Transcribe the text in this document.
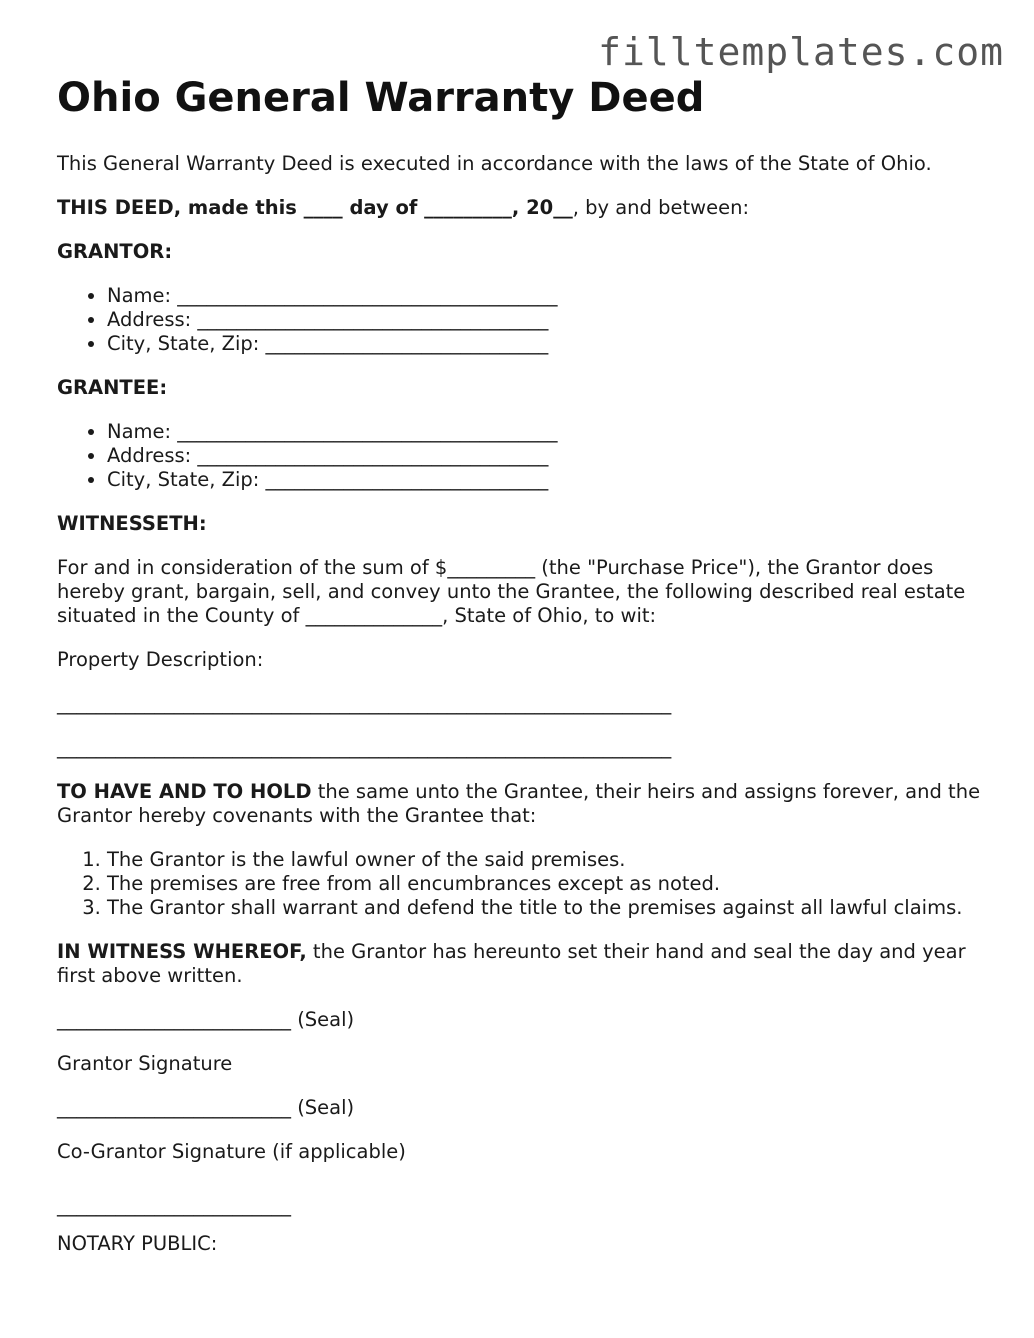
filltemplates.com
Ohio General Warranty Deed

This General Warranty Deed is executed in accordance with the laws of the State of Ohio.

THIS DEED, made this ____ day of _________, 20__, by and between:

GRANTOR:

• Name: _______________________________________
• Address: ____________________________________
• City, State, Zip: _____________________________

GRANTEE:

• Name: _______________________________________
• Address: ____________________________________
• City, State, Zip: _____________________________

WITNESSETH:

For and in consideration of the sum of $_________ (the "Purchase Price"), the Grantor does hereby grant, bargain, sell, and convey unto the Grantee, the following described real estate situated in the County of ______________, State of Ohio, to wit:

Property Description:

_______________________________________________________________

_______________________________________________________________

TO HAVE AND TO HOLD the same unto the Grantee, their heirs and assigns forever, and the Grantor hereby covenants with the Grantee that:

1. The Grantor is the lawful owner of the said premises.
2. The premises are free from all encumbrances except as noted.
3. The Grantor shall warrant and defend the title to the premises against all lawful claims.

IN WITNESS WHEREOF, the Grantor has hereunto set their hand and seal the day and year first above written.

________________________ (Seal)

Grantor Signature

________________________ (Seal)

Co-Grantor Signature (if applicable)

________________________

NOTARY PUBLIC:
